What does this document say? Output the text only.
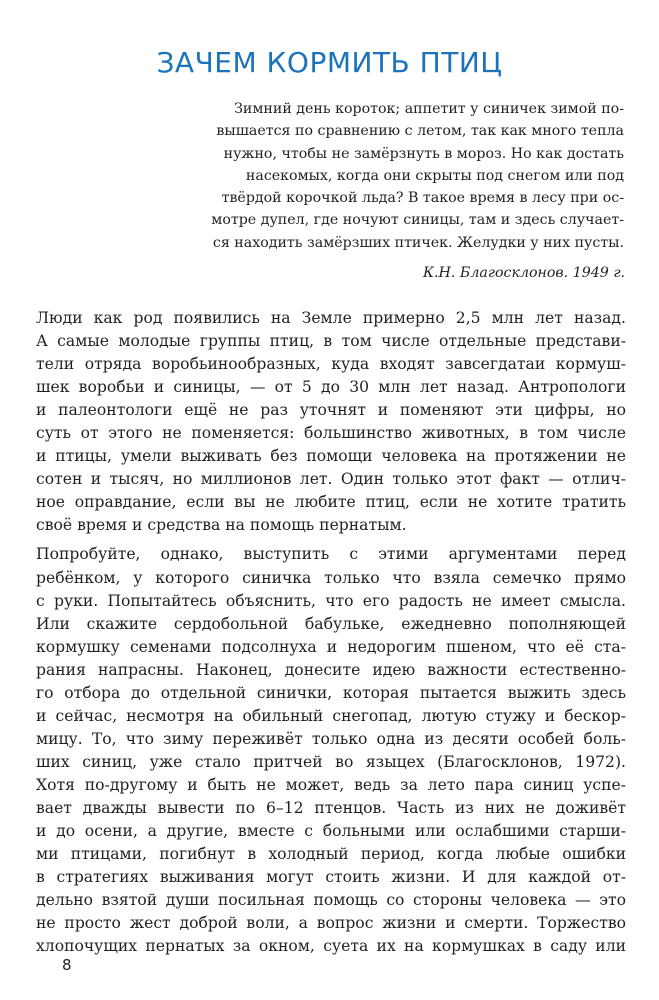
ЗАЧЕМ КОРМИТЬ ПТИЦ
Зимний день короток; аппетит у синичек зимой по-
вышается по сравнению с летом, так как много тепла
нужно, чтобы не замёрзнуть в мороз. Но как достать
насекомых, когда они скрыты под снегом или под
твёрдой корочкой льда? В такое время в лесу при ос-
мотре дупел, где ночуют синицы, там и здесь случает-
ся находить замёрзших птичек. Желудки у них пусты.
К.Н. Благосклонов. 1949 г.
Люди как род появились на Земле примерно 2,5 млн лет назад.
А самые молодые группы птиц, в том числе отдельные представи-
тели отряда воробьинообразных, куда входят завсегдатаи кормуш-
шек воробьи и синицы, — от 5 до 30 млн лет назад. Антропологи
и палеонтологи ещё не раз уточнят и поменяют эти цифры, но
суть от этого не поменяется: большинство животных, в том числе
и птицы, умели выживать без помощи человека на протяжении не
сотен и тысяч, но миллионов лет. Один только этот факт — отлич-
ное оправдание, если вы не любите птиц, если не хотите тратить
своё время и средства на помощь пернатым.
Попробуйте, однако, выступить с этими аргументами перед
ребёнком, у которого синичка только что взяла семечко прямо
с руки. Попытайтесь объяснить, что его радость не имеет смысла.
Или скажите сердобольной бабульке, ежедневно пополняющей
кормушку семенами подсолнуха и недорогим пшеном, что её ста-
рания напрасны. Наконец, донесите идею важности естественно-
го отбора до отдельной синички, которая пытается выжить здесь
и сейчас, несмотря на обильный снегопад, лютую стужу и бескор-
мицу. То, что зиму переживёт только одна из десяти особей боль-
ших синиц, уже стало притчей во языцех (Благосклонов, 1972).
Хотя по-другому и быть не может, ведь за лето пара синиц успе-
вает дважды вывести по 6–12 птенцов. Часть из них не доживёт
и до осени, а другие, вместе с больными или ослабшими старши-
ми птицами, погибнут в холодный период, когда любые ошибки
в стратегиях выживания могут стоить жизни. И для каждой от-
дельно взятой души посильная помощь со стороны человека — это
не просто жест доброй воли, а вопрос жизни и смерти. Торжество
хлопочущих пернатых за окном, суета их на кормушках в саду или
8
